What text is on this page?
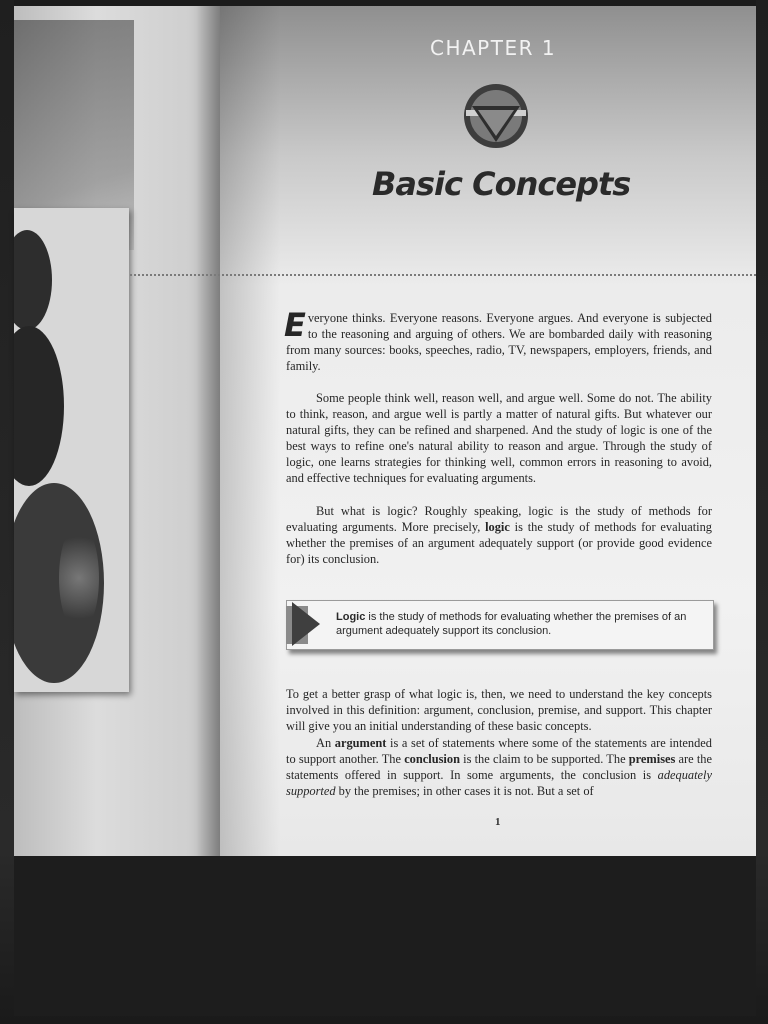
CHAPTER 1
Basic Concepts
Everyone thinks. Everyone reasons. Everyone argues. And everyone is subjected to the reasoning and arguing of others. We are bombarded daily with reasoning from many sources: books, speeches, radio, TV, newspapers, employers, friends, and family.
Some people think well, reason well, and argue well. Some do not. The ability to think, reason, and argue well is partly a matter of natural gifts. But whatever our natural gifts, they can be refined and sharpened. And the study of logic is one of the best ways to refine one's natural ability to reason and argue. Through the study of logic, one learns strategies for thinking well, common errors in reasoning to avoid, and effective techniques for evaluating arguments.
But what is logic? Roughly speaking, logic is the study of methods for evaluating arguments. More precisely, logic is the study of methods for evaluating whether the premises of an argument adequately support (or provide good evidence for) its conclusion.
Logic is the study of methods for evaluating whether the premises of an argument adequately support its conclusion.
To get a better grasp of what logic is, then, we need to understand the key concepts involved in this definition: argument, conclusion, premise, and support. This chapter will give you an initial understanding of these basic concepts.
An argument is a set of statements where some of the statements are intended to support another. The conclusion is the claim to be supported. The premises are the statements offered in support. In some arguments, the conclusion is adequately supported by the premises; in other cases it is not. But a set of
1
